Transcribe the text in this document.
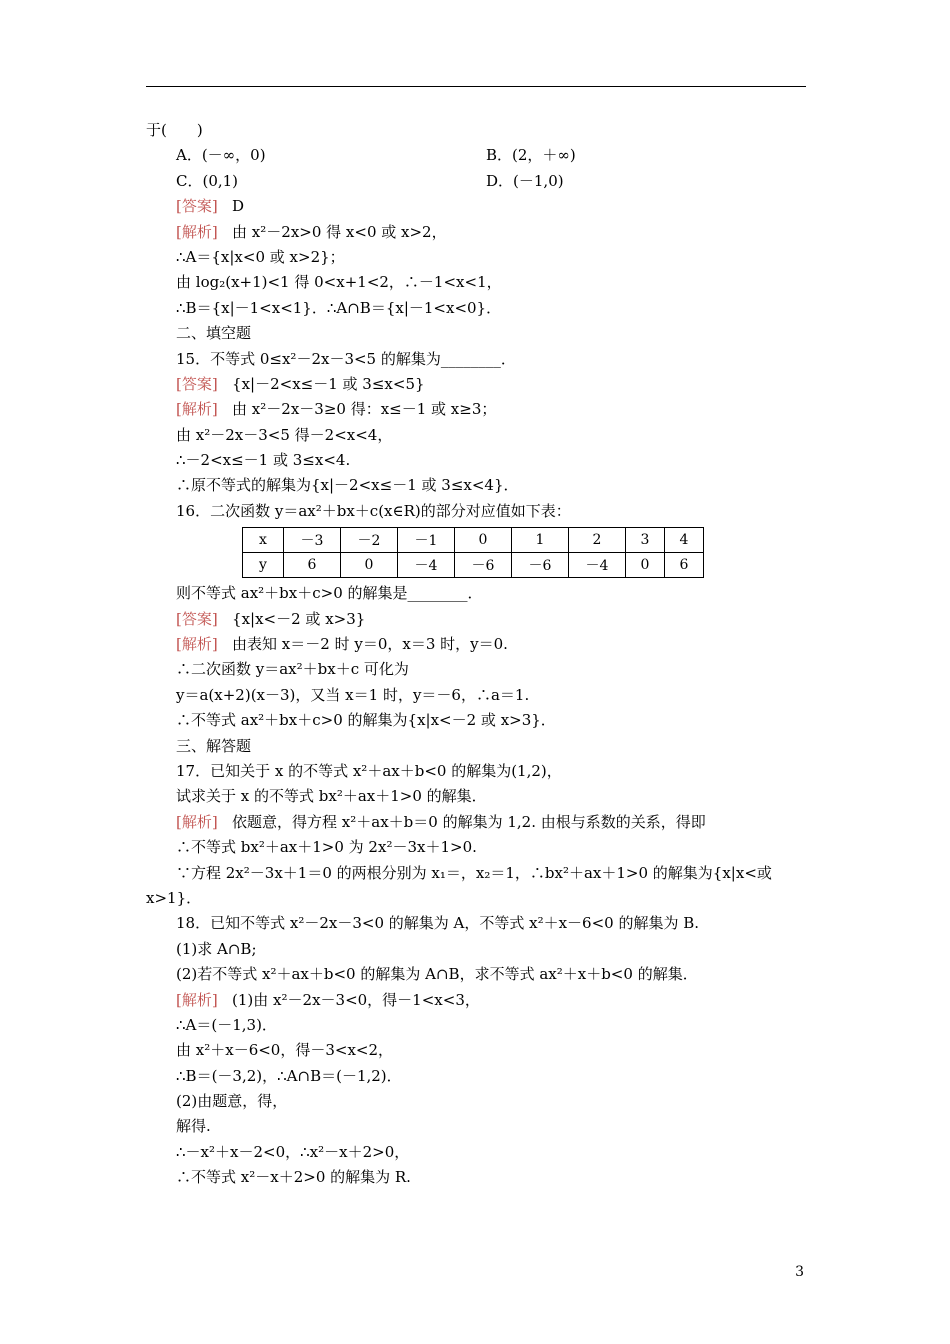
于(　　)
A．(－∞，0)	B．(2，＋∞)
C．(0,1)	D．(－1,0)
[答案] D
[解析] 由 x²－2x>0 得 x<0 或 x>2，
∴A＝{x|x<0 或 x>2}；
由 log₂(x+1)<1 得 0<x+1<2，∴－1<x<1，
∴B＝{x|－1<x<1}．∴A∩B＝{x|－1<x<0}．
二、填空题
15．不等式 0≤x²－2x－3<5 的解集为________．
[答案] {x|－2<x≤－1 或 3≤x<5}
[解析] 由 x²－2x－3≥0 得：x≤－1 或 x≥3；
由 x²－2x－3<5 得－2<x<4，
∴－2<x≤－1 或 3≤x<4.
∴原不等式的解集为{x|－2<x≤－1 或 3≤x<4}．
16．二次函数 y＝ax²＋bx＋c(x∈R)的部分对应值如下表：
x	－3	－2	－1	0	1	2	3	4
y	6	0	－4	－6	－6	－4	0	6
则不等式 ax²＋bx＋c>0 的解集是________．
[答案] {x|x<－2 或 x>3}
[解析] 由表知 x＝－2 时 y＝0，x＝3 时，y＝0.
∴二次函数 y＝ax²＋bx＋c 可化为
y＝a(x+2)(x－3)，又当 x＝1 时，y＝－6，∴a＝1.
∴不等式 ax²＋bx＋c>0 的解集为{x|x<－2 或 x>3}．
三、解答题
17．已知关于 x 的不等式 x²＋ax＋b<0 的解集为(1,2)，
试求关于 x 的不等式 bx²＋ax＋1>0 的解集．
[解析] 依题意，得方程 x²＋ax＋b＝0 的解集为 1,2. 由根与系数的关系，得即
∴不等式 bx²＋ax＋1>0 为 2x²－3x＋1>0.
∵方程 2x²－3x＋1＝0 的两根分别为 x₁＝，x₂＝1，∴bx²＋ax＋1>0 的解集为{x|x<或
x>1}．
18．已知不等式 x²－2x－3<0 的解集为 A，不等式 x²＋x－6<0 的解集为 B.
(1)求 A∩B;
(2)若不等式 x²＋ax＋b<0 的解集为 A∩B，求不等式 ax²＋x＋b<0 的解集．
[解析] (1)由 x²－2x－3<0，得－1<x<3，
∴A＝(－1,3)．
由 x²＋x－6<0，得－3<x<2，
∴B＝(－3,2)，∴A∩B＝(－1,2)．
(2)由题意，得，
解得.
∴－x²＋x－2<0，∴x²－x＋2>0，
∴不等式 x²－x＋2>0 的解集为 R.
3
